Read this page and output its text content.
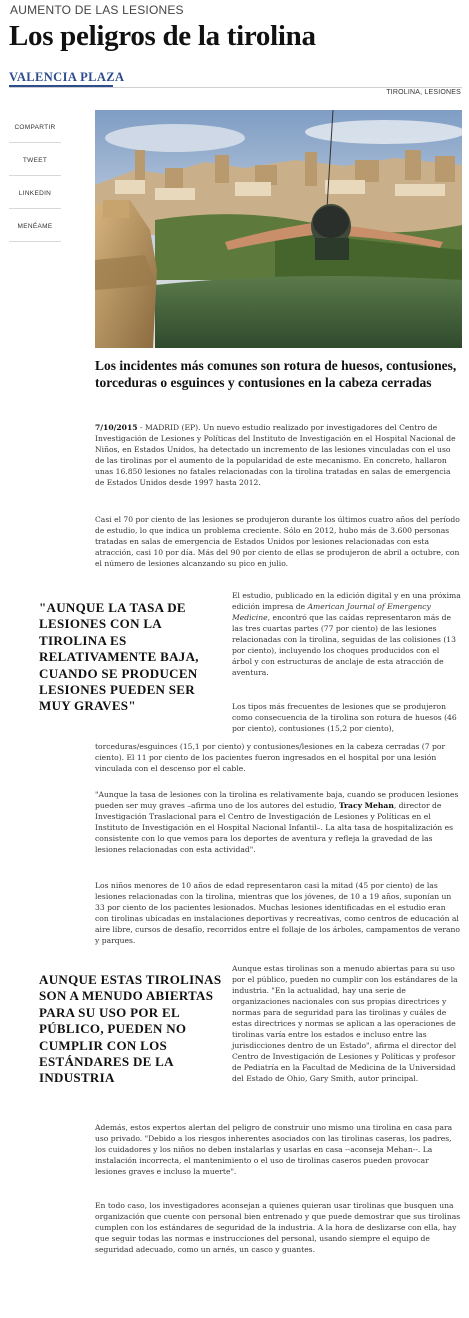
AUMENTO DE LAS LESIONES
Los peligros de la tirolina
VALENCIA PLAZA
TIROLINA, LESIONES
COMPARTIR
TWEET
LINKEDIN
MENÉAME
Los incidentes más comunes son rotura de huesos, contusiones, torceduras o esguinces y contusiones en la cabeza cerradas

7/10/2015 - MADRID (EP). Un nuevo estudio realizado por investigadores del Centro de Investigación de Lesiones y Políticas del Instituto de Investigación en el Hospital Nacional de Niños, en Estados Unidos, ha detectado un incremento de las lesiones vinculadas con el uso de las tirolinas por el aumento de la popularidad de este mecanismo. En concreto, hallaron unas 16.850 lesiones no fatales relacionadas con la tirolina tratadas en salas de emergencia de Estados Unidos desde 1997 hasta 2012.

Casi el 70 por ciento de las lesiones se produjeron durante los últimos cuatro años del período de estudio, lo que indica un problema creciente. Sólo en 2012, hubo más de 3.600 personas tratadas en salas de emergencia de Estados Unidos por lesiones relacionadas con esta atracción, casi 10 por día. Más del 90 por ciento de ellas se produjeron de abril a octubre, con el número de lesiones alcanzando su pico en julio.

"AUNQUE LA TASA DE LESIONES CON LA TIROLINA ES RELATIVAMENTE BAJA, CUANDO SE PRODUCEN LESIONES PUEDEN SER MUY GRAVES"

El estudio, publicado en la edición digital y en una próxima edición impresa de American Journal of Emergency Medicine, encontró que las caídas representaron más de las tres cuartas partes (77 por ciento) de las lesiones relacionadas con la tirolina, seguidas de las colisiones (13 por ciento), incluyendo los choques producidos con el árbol y con estructuras de anclaje de esta atracción de aventura.

Los tipos más frecuentes de lesiones que se produjeron como consecuencia de la tirolina son rotura de huesos (46 por ciento), contusiones (15,2 por ciento),

torceduras/esguinces (15,1 por ciento) y contusiones/lesiones en la cabeza cerradas (7 por ciento). El 11 por ciento de los pacientes fueron ingresados en el hospital por una lesión vinculada con el descenso por el cable.

"Aunque la tasa de lesiones con la tirolina es relativamente baja, cuando se producen lesiones pueden ser muy graves –afirma uno de los autores del estudio, Tracy Mehan, director de Investigación Traslacional para el Centro de Investigación de Lesiones y Políticas en el Instituto de Investigación en el Hospital Nacional Infantil–. La alta tasa de hospitalización es consistente con lo que vemos para los deportes de aventura y refleja la gravedad de las lesiones relacionadas con esta actividad".

Los niños menores de 10 años de edad representaron casi la mitad (45 por ciento) de las lesiones relacionadas con la tirolina, mientras que los jóvenes, de 10 a 19 años, suponían un 33 por ciento de los pacientes lesionados. Muchas lesiones identificadas en el estudio eran con tirolinas ubicadas en instalaciones deportivas y recreativas, como centros de educación al aire libre, cursos de desafío, recorridos entre el follaje de los árboles, campamentos de verano y parques.

AUNQUE ESTAS TIROLINAS SON A MENUDO ABIERTAS PARA SU USO POR EL PÚBLICO, PUEDEN NO CUMPLIR CON LOS ESTÁNDARES DE LA INDUSTRIA

Aunque estas tirolinas son a menudo abiertas para su uso por el público, pueden no cumplir con los estándares de la industria. "En la actualidad, hay una serie de organizaciones nacionales con sus propias directrices y normas para de seguridad para las tirolinas y cuáles de estas directrices y normas se aplican a las operaciones de tirolinas varía entre los estados e incluso entre las jurisdicciones dentro de un Estado", afirma el director del Centro de Investigación de Lesiones y Políticas y profesor de Pediatría en la Facultad de Medicina de la Universidad del Estado de Ohio, Gary Smith, autor principal.

Además, estos expertos alertan del peligro de construir uno mismo una tirolina en casa para uso privado. "Debido a los riesgos inherentes asociados con las tirolinas caseras, los padres, los cuidadores y los niños no deben instalarlas y usarlas en casa --aconseja Mehan--. La instalación incorrecta, el mantenimiento o el uso de tirolinas caseros pueden provocar lesiones graves e incluso la muerte".

En todo caso, los investigadores aconsejan a quienes quieran usar tirolinas que busquen una organización que cuente con personal bien entrenado y que puede demostrar que sus tirolinas cumplen con los estándares de seguridad de la industria. A la hora de deslizarse con ella, hay que seguir todas las normas e instrucciones del personal, usando siempre el equipo de seguridad adecuado, como un arnés, un casco y guantes.
